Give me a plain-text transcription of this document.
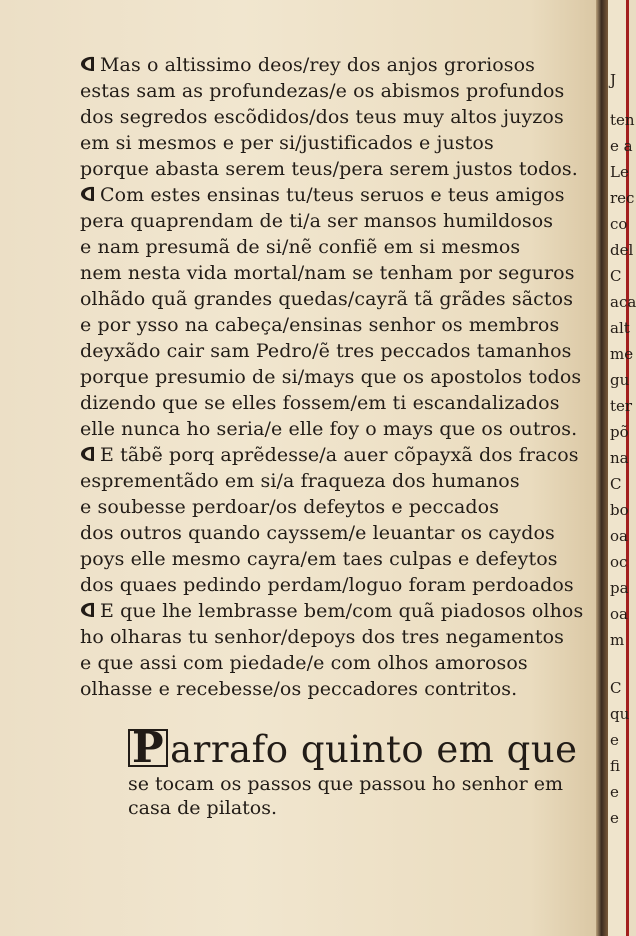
Mas o altissimo deos/rey dos anjos groriosos
estas sam as profundezas/e os abismos profundos
dos segredos escõdidos/dos teus muy altos juyzos
em si mesmos e per si/justificados e justos
porque abasta serem teus/pera serem justos todos.
Com estes ensinas tu/teus seruos e teus amigos
pera quaprendam de ti/a ser mansos humildosos
e nam presumã de si/nẽ confiẽ em si mesmos
nem nesta vida mortal/nam se tenham por seguros
olhãdo quã grandes quedas/cayrã tã grãdes sãctos
e por ysso na cabeça/ensinas senhor os membros
deyxãdo cair sam Pedro/ẽ tres peccados tamanhos
porque presumio de si/mays que os apostolos todos
dizendo que se elles fossem/em ti escandalizados
elle nunca ho seria/e elle foy o mays que os outros.
E tãbẽ porq aprẽdesse/a auer cõpayxã dos fracos
esprementãdo em si/a fraqueza dos humanos
e soubesse perdoar/os defeytos e peccados
dos outros quando cayssem/e leuantar os caydos
poys elle mesmo cayra/em taes culpas e defeytos
dos quaes pedindo perdam/loguo foram perdoados
E que lhe lembrasse bem/com quã piadosos olhos
ho olharas tu senhor/depoys dos tres negamentos
e que assi com piedade/e com olhos amorosos
olhasse e recebesse/os peccadores contritos.
P arrafo quinto em que
se tocam os passos que passou ho senhor em
casa de pilatos.
J
ten
e a
Le
rec
co
del
C
aca
alt
me
gu
ter
põ
na
C
bo
oa
oc
pa
oa
m
C
qu
e
fi
e
e
